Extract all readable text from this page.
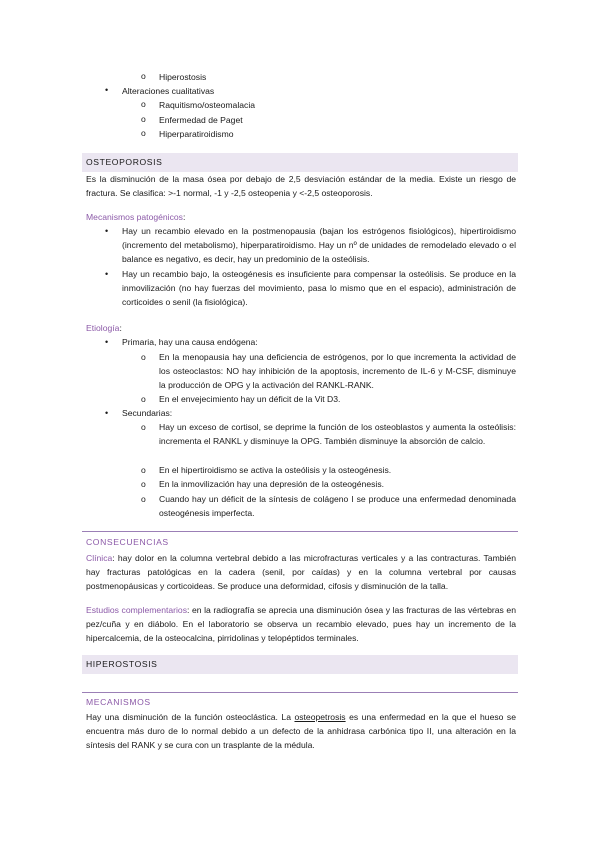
o Hiperostosis
• Alteraciones cualitativas
o Raquitismo/osteomalacia
o Enfermedad de Paget
o Hiperparatiroidismo
OSTEOPOROSIS
Es la disminución de la masa ósea por debajo de 2,5 desviación estándar de la media. Existe un riesgo de fractura. Se clasifica: >-1 normal, -1 y -2,5 osteopenia y <-2,5 osteoporosis.
Mecanismos patogénicos:
• Hay un recambio elevado en la postmenopausia (bajan los estrógenos fisiológicos), hipertiroidismo (incremento del metabolismo), hiperparatiroidismo. Hay un nº de unidades de remodelado elevado o el balance es negativo, es decir, hay un predominio de la osteólisis.
• Hay un recambio bajo, la osteogénesis es insuficiente para compensar la osteólisis. Se produce en la inmovilización (no hay fuerzas del movimiento, pasa lo mismo que en el espacio), administración de corticoides o senil (la fisiológica).
Etiología:
• Primaria, hay una causa endógena:
o En la menopausia hay una deficiencia de estrógenos, por lo que incrementa la actividad de los osteoclastos: NO hay inhibición de la apoptosis, incremento de IL-6 y M-CSF, disminuye la producción de OPG y la activación del RANKL-RANK.
o En el envejecimiento hay un déficit de la Vit D3.
• Secundarias:
o Hay un exceso de cortisol, se deprime la función de los osteoblastos y aumenta la osteólisis: incrementa el RANKL y disminuye la OPG. También disminuye la absorción de calcio.
o En el hipertiroidismo se activa la osteólisis y la osteogénesis.
o En la inmovilización hay una depresión de la osteogénesis.
o Cuando hay un déficit de la síntesis de colágeno I se produce una enfermedad denominada osteogénesis imperfecta.
CONSECUENCIAS
Clínica: hay dolor en la columna vertebral debido a las microfracturas verticales y a las contracturas. También hay fracturas patológicas en la cadera (senil, por caídas) y en la columna vertebral por causas postmenopáusicas y corticoideas. Se produce una deformidad, cifosis y disminución de la talla.
Estudios complementarios: en la radiografía se aprecia una disminución ósea y las fracturas de las vértebras en pez/cuña y en diábolo. En el laboratorio se observa un recambio elevado, pues hay un incremento de la hipercalcemia, de la osteocalcina, pirridolinas y telopéptidos terminales.
HIPEROSTOSIS
MECANISMOS
Hay una disminución de la función osteoclástica. La osteopetrosis es una enfermedad en la que el hueso se encuentra más duro de lo normal debido a un defecto de la anhidrasa carbónica tipo II, una alteración en la síntesis del RANK y se cura con un trasplante de la médula.
